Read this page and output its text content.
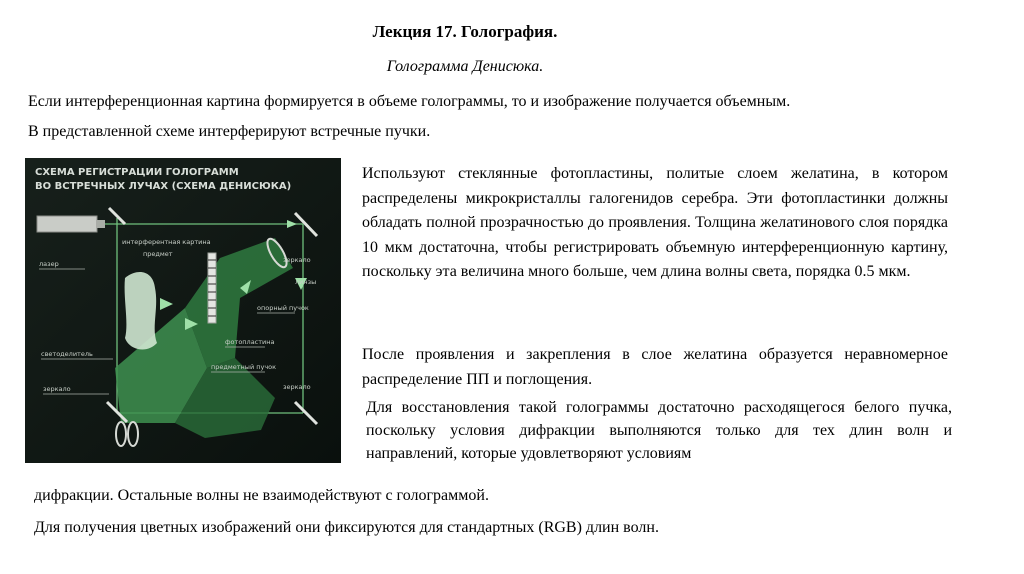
Лекция 17. Голография.
Голограмма Денисюка.
Если интерференционная картина формируется в объеме голограммы, то и изображение получается объемным.
В представленной схеме интерферируют встречные пучки.
СХЕМА РЕГИСТРАЦИИ ГОЛОГРАММ
ВО ВСТРЕЧНЫХ ЛУЧАХ (СХЕМА ДЕНИСЮКА)
интерферентная картина
предмет
лазер	зеркало
линзы
опорный пучок
светоделитель
фотопластина
предметный пучок
зеркало	зеркало

Используют стеклянные фотопластины, политые слоем желатина, в котором распределены микрокристаллы галогенидов серебра. Эти фотопластинки должны обладать полной прозрачностью до проявления. Толщина желатинового слоя порядка 10 мкм достаточна, чтобы регистрировать объемную интерференционную картину, поскольку эта величина много больше, чем длина волны света, порядка 0.5 мкм.

После проявления и закрепления в слое желатина образуется неравномерное распределение ПП и поглощения.

Для восстановления такой голограммы достаточно расходящегося белого пучка, поскольку условия дифракции выполняются только для тех длин волн и направлений, которые удовлетворяют условиям

дифракции. Остальные волны не взаимодействуют с голограммой.
Для получения цветных изображений они фиксируются для стандартных (RGB) длин волн.
